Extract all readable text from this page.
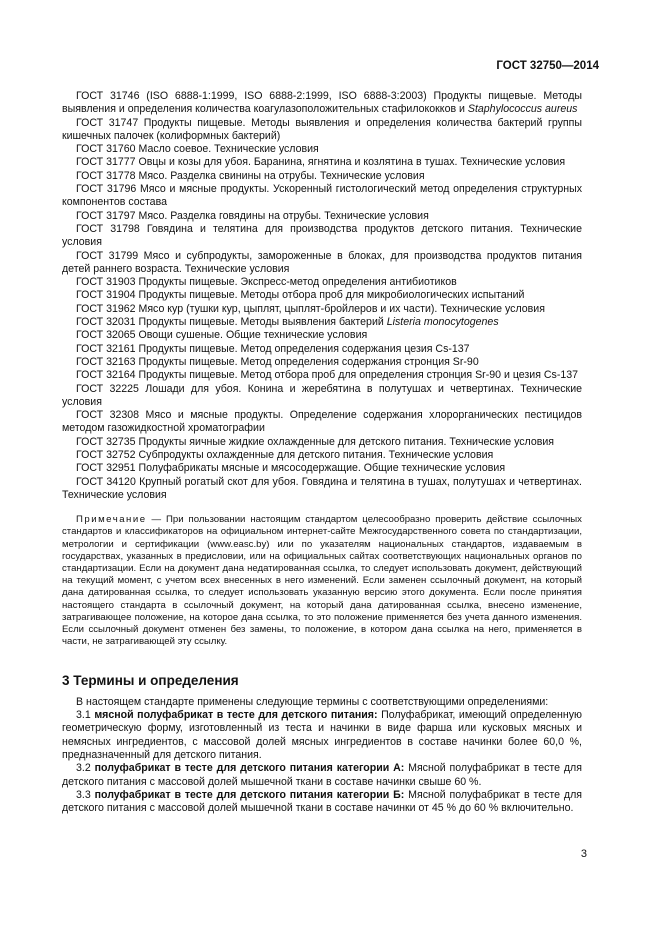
ГОСТ 32750—2014

ГОСТ 31746 (ISO 6888-1:1999, ISO 6888-2:1999, ISO 6888-3:2003) Продукты пищевые. Методы выявления и определения количества коагулазоположительных стафилококков и Staphylococcus aureus

ГОСТ 31747 Продукты пищевые. Методы выявления и определения количества бактерий группы кишечных палочек (колиформных бактерий)

ГОСТ 31760 Масло соевое. Технические условия

ГОСТ 31777 Овцы и козы для убоя. Баранина, ягнятина и козлятина в тушах. Технические условия

ГОСТ 31778 Мясо. Разделка свинины на отрубы. Технические условия

ГОСТ 31796 Мясо и мясные продукты. Ускоренный гистологический метод определения структурных компонентов состава

ГОСТ 31797 Мясо. Разделка говядины на отрубы. Технические условия

ГОСТ 31798 Говядина и телятина для производства продуктов детского питания. Технические условия

ГОСТ 31799 Мясо и субпродукты, замороженные в блоках, для производства продуктов питания детей раннего возраста. Технические условия

ГОСТ 31903 Продукты пищевые. Экспресс-метод определения антибиотиков

ГОСТ 31904 Продукты пищевые. Методы отбора проб для микробиологических испытаний

ГОСТ 31962 Мясо кур (тушки кур, цыплят, цыплят-бройлеров и их части). Технические условия

ГОСТ 32031 Продукты пищевые. Методы выявления бактерий Listeria monocytogenes

ГОСТ 32065 Овощи сушеные. Общие технические условия

ГОСТ 32161 Продукты пищевые. Метод определения содержания цезия Cs-137

ГОСТ 32163 Продукты пищевые. Метод определения содержания стронция Sr-90

ГОСТ 32164 Продукты пищевые. Метод отбора проб для определения стронция Sr-90 и цезия Cs-137

ГОСТ 32225 Лошади для убоя. Конина и жеребятина в полутушах и четвертинах. Технические условия

ГОСТ 32308 Мясо и мясные продукты. Определение содержания хлорорганических пестицидов методом газожидкостной хроматографии

ГОСТ 32735 Продукты яичные жидкие охлажденные для детского питания. Технические условия

ГОСТ 32752 Субпродукты охлажденные для детского питания. Технические условия

ГОСТ 32951 Полуфабрикаты мясные и мясосодержащие. Общие технические условия

ГОСТ 34120 Крупный рогатый скот для убоя. Говядина и телятина в тушах, полутушах и четвертинах. Технические условия

Примечание — При пользовании настоящим стандартом целесообразно проверить действие ссылочных стандартов и классификаторов на официальном интернет-сайте Межгосударственного совета по стандартизации, метрологии и сертификации (www.easc.by) или по указателям национальных стандартов, издаваемым в государствах, указанных в предисловии, или на официальных сайтах соответствующих национальных органов по стандартизации. Если на документ дана недатированная ссылка, то следует использовать документ, действующий на текущий момент, с учетом всех внесенных в него изменений. Если заменен ссылочный документ, на который дана датированная ссылка, то следует использовать указанную версию этого документа. Если после принятия настоящего стандарта в ссылочный документ, на который дана датированная ссылка, внесено изменение, затрагивающее положение, на которое дана ссылка, то это положение применяется без учета данного изменения. Если ссылочный документ отменен без замены, то положение, в котором дана ссылка на него, применяется в части, не затрагивающей эту ссылку.

3 Термины и определения

В настоящем стандарте применены следующие термины с соответствующими определениями:

3.1 мясной полуфабрикат в тесте для детского питания: Полуфабрикат, имеющий определенную геометрическую форму, изготовленный из теста и начинки в виде фарша или кусковых мясных и немясных ингредиентов, с массовой долей мясных ингредиентов в составе начинки более 60,0 %, предназначенный для детского питания.

3.2 полуфабрикат в тесте для детского питания категории А: Мясной полуфабрикат в тесте для детского питания с массовой долей мышечной ткани в составе начинки свыше 60 %.

3.3 полуфабрикат в тесте для детского питания категории Б: Мясной полуфабрикат в тесте для детского питания с массовой долей мышечной ткани в составе начинки от 45 % до 60 % включительно.

3
